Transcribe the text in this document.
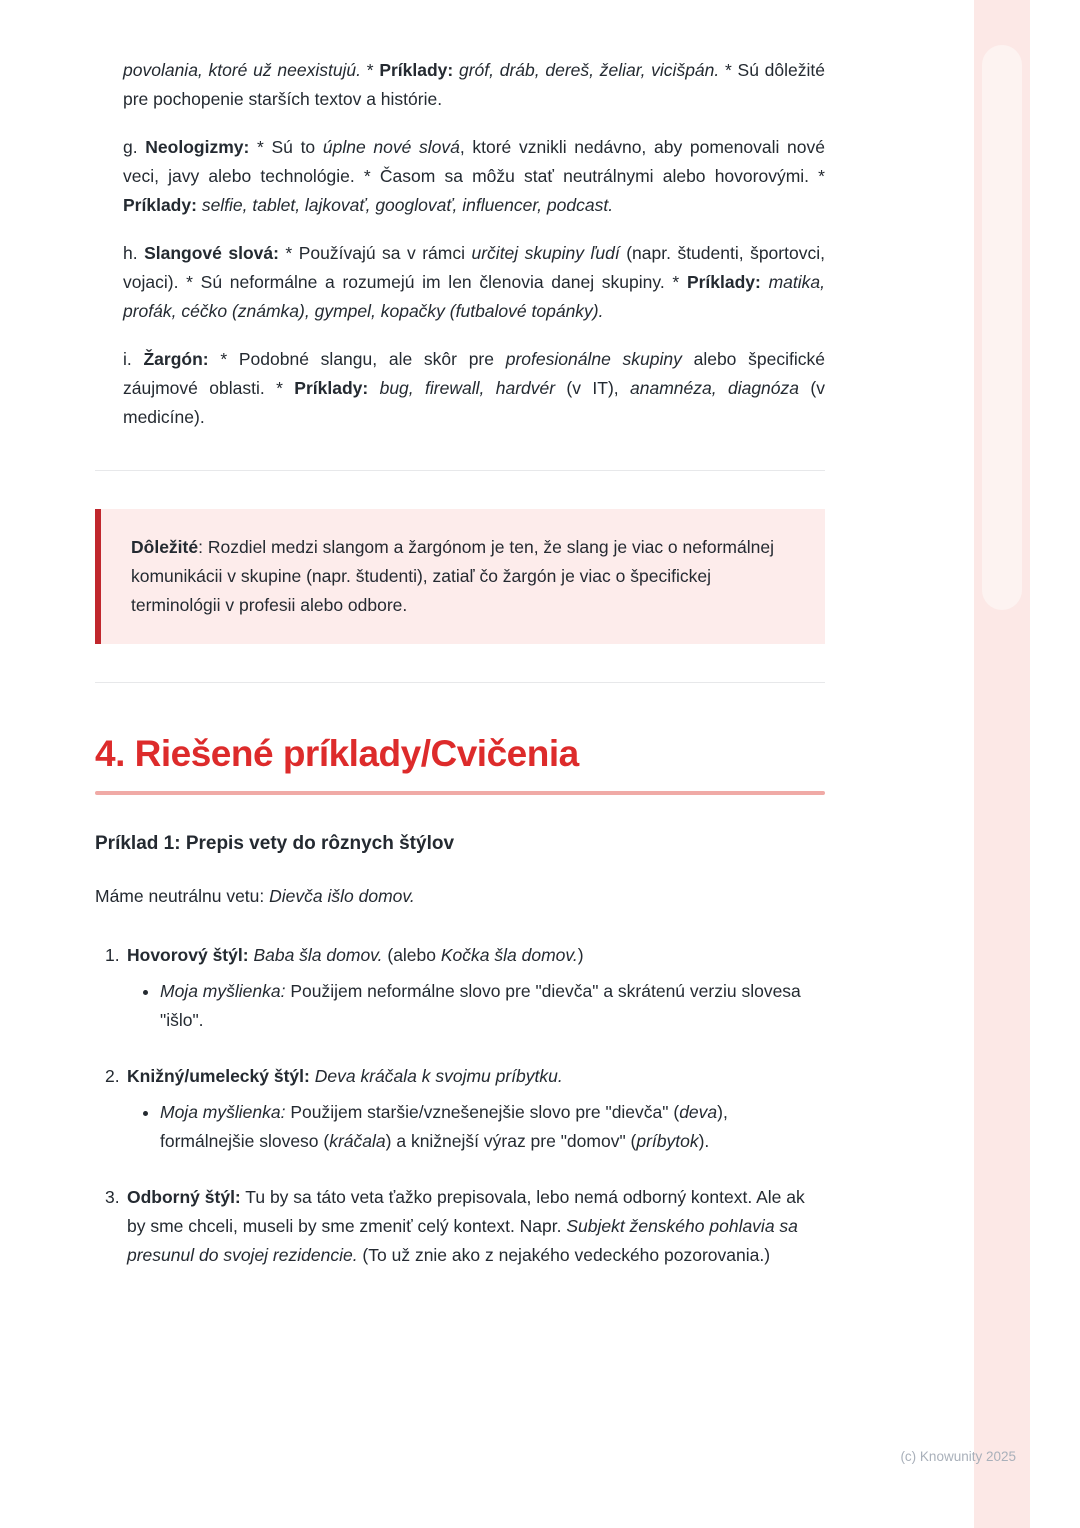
povolania, ktoré už neexistujú. * Príklady: gróf, dráb, dereš, želiar, vicišpán. * Sú dôležité pre pochopenie starších textov a histórie.

g. Neologizmy: * Sú to úplne nové slová, ktoré vznikli nedávno, aby pomenovali nové veci, javy alebo technológie. * Časom sa môžu stať neutrálnymi alebo hovorovými. * Príklady: selfie, tablet, lajkovať, googlovať, influencer, podcast.

h. Slangové slová: * Používajú sa v rámci určitej skupiny ľudí (napr. študenti, športovci, vojaci). * Sú neformálne a rozumejú im len členovia danej skupiny. * Príklady: matika, profák, céčko (známka), gympel, kopačky (futbalové topánky).

i. Žargón: * Podobné slangu, ale skôr pre profesionálne skupiny alebo špecifické záujmové oblasti. * Príklady: bug, firewall, hardvér (v IT), anamnéza, diagnóza (v medicíne).

Dôležité: Rozdiel medzi slangom a žargónom je ten, že slang je viac o neformálnej komunikácii v skupine (napr. študenti), zatiaľ čo žargón je viac o špecifickej terminológii v profesii alebo odbore.

4. Riešené príklady/Cvičenia
Príklad 1: Prepis vety do rôznych štýlov

Máme neutrálnu vetu: Dievča išlo domov.

1. Hovorový štýl: Baba šla domov. (alebo Kočka šla domov.)

• Moja myšlienka: Použijem neformálne slovo pre "dievča" a skrátenú verziu slovesa "išlo".

2. Knižný/umelecký štýl: Deva kráčala k svojmu príbytku.

• Moja myšlienka: Použijem staršie/vznešenejšie slovo pre "dievča" (deva), formálnejšie sloveso (kráčala) a knižnejší výraz pre "domov" (príbytok).

3. Odborný štýl: Tu by sa táto veta ťažko prepisovala, lebo nemá odborný kontext. Ale ak by sme chceli, museli by sme zmeniť celý kontext. Napr. Subjekt ženského pohlavia sa presunul do svojej rezidencie. (To už znie ako z nejakého vedeckého pozorovania.)

(c) Knowunity 2025
